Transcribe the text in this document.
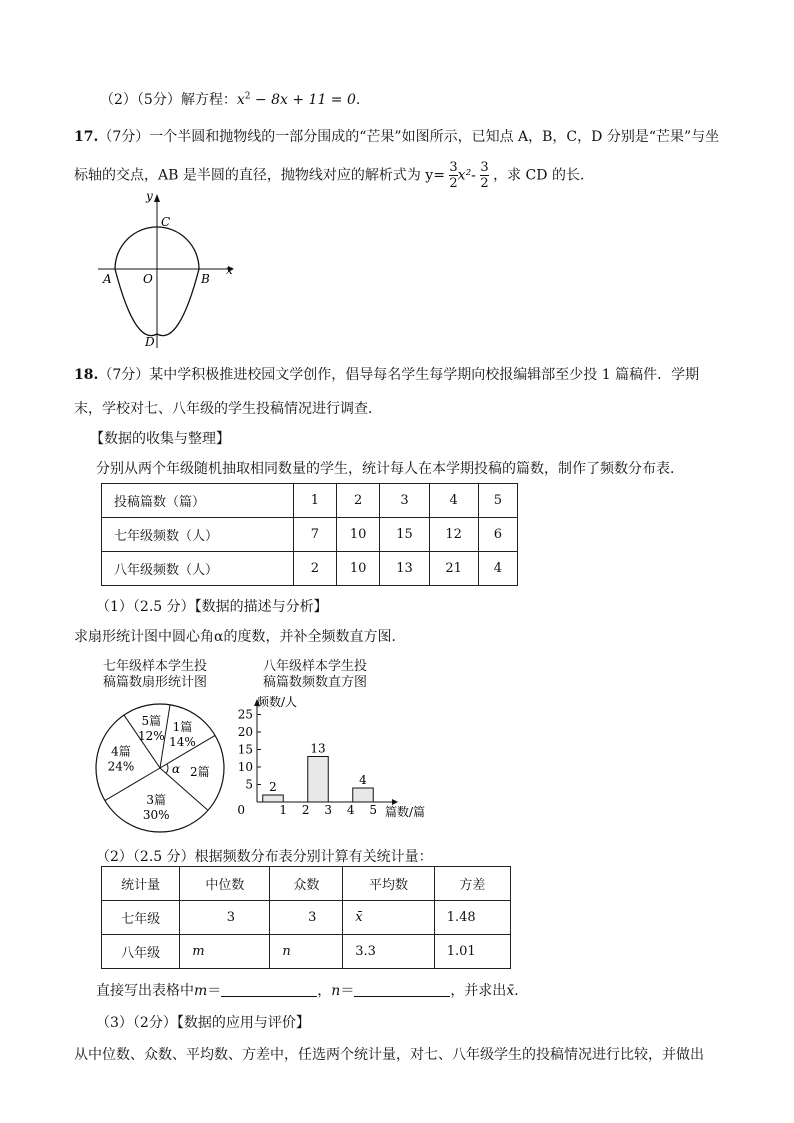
（2）（5分）解方程：$x^2 - 8x + 11 = 0$.
17.（7分）一个半圆和抛物线的一部分围成的“芒果”如图所示，已知点 A，B，C，D 分别是“芒果”与坐
标轴的交点，AB 是半圆的直径，抛物线对应的解析式为 $y= \frac{3}{2} x^2- \frac{3}{2}$ ，求 CD 的长.
y
x
C
O
A	B
D
18.（7分）某中学积极推进校园文学创作，倡导每名学生每学期向校报编辑部至少投 1 篇稿件．学期
末，学校对七、八年级的学生投稿情况进行调查．
【数据的收集与整理】
分别从两个年级随机抽取相同数量的学生，统计每人在本学期投稿的篇数，制作了频数分布表．
投稿篇数（篇）	1	2	3	4	5
七年级频数（人）	7	10	15	12	6
八年级频数（人）	2	10	13	21	4
（1）（2.5 分）【数据的描述与分析】
求扇形统计图中圆心角α的度数，并补全频数直方图．
七年级样本学生投
稿篇数扇形统计图
八年级样本学生投
稿篇数频数直方图
1篇
14%
2篇
3篇
30%
4篇
24%
5篇
12%
α
0
5
10
15
20
25
1
2
2 3
13
4 5
4
频数/人
篇数/篇
（2）（2.5 分）根据频数分布表分别计算有关统计量：
统计量	中位数	众数	平均数	方差
七年级	3	3	x̄	1.48
八年级	m	n	3.3	1.01
直接写出表格中m＝	，n＝	，并求出x̄．
（3）（2分）【数据的应用与评价】
从中位数、众数、平均数、方差中，任选两个统计量，对七、八年级学生的投稿情况进行比较，并做出
